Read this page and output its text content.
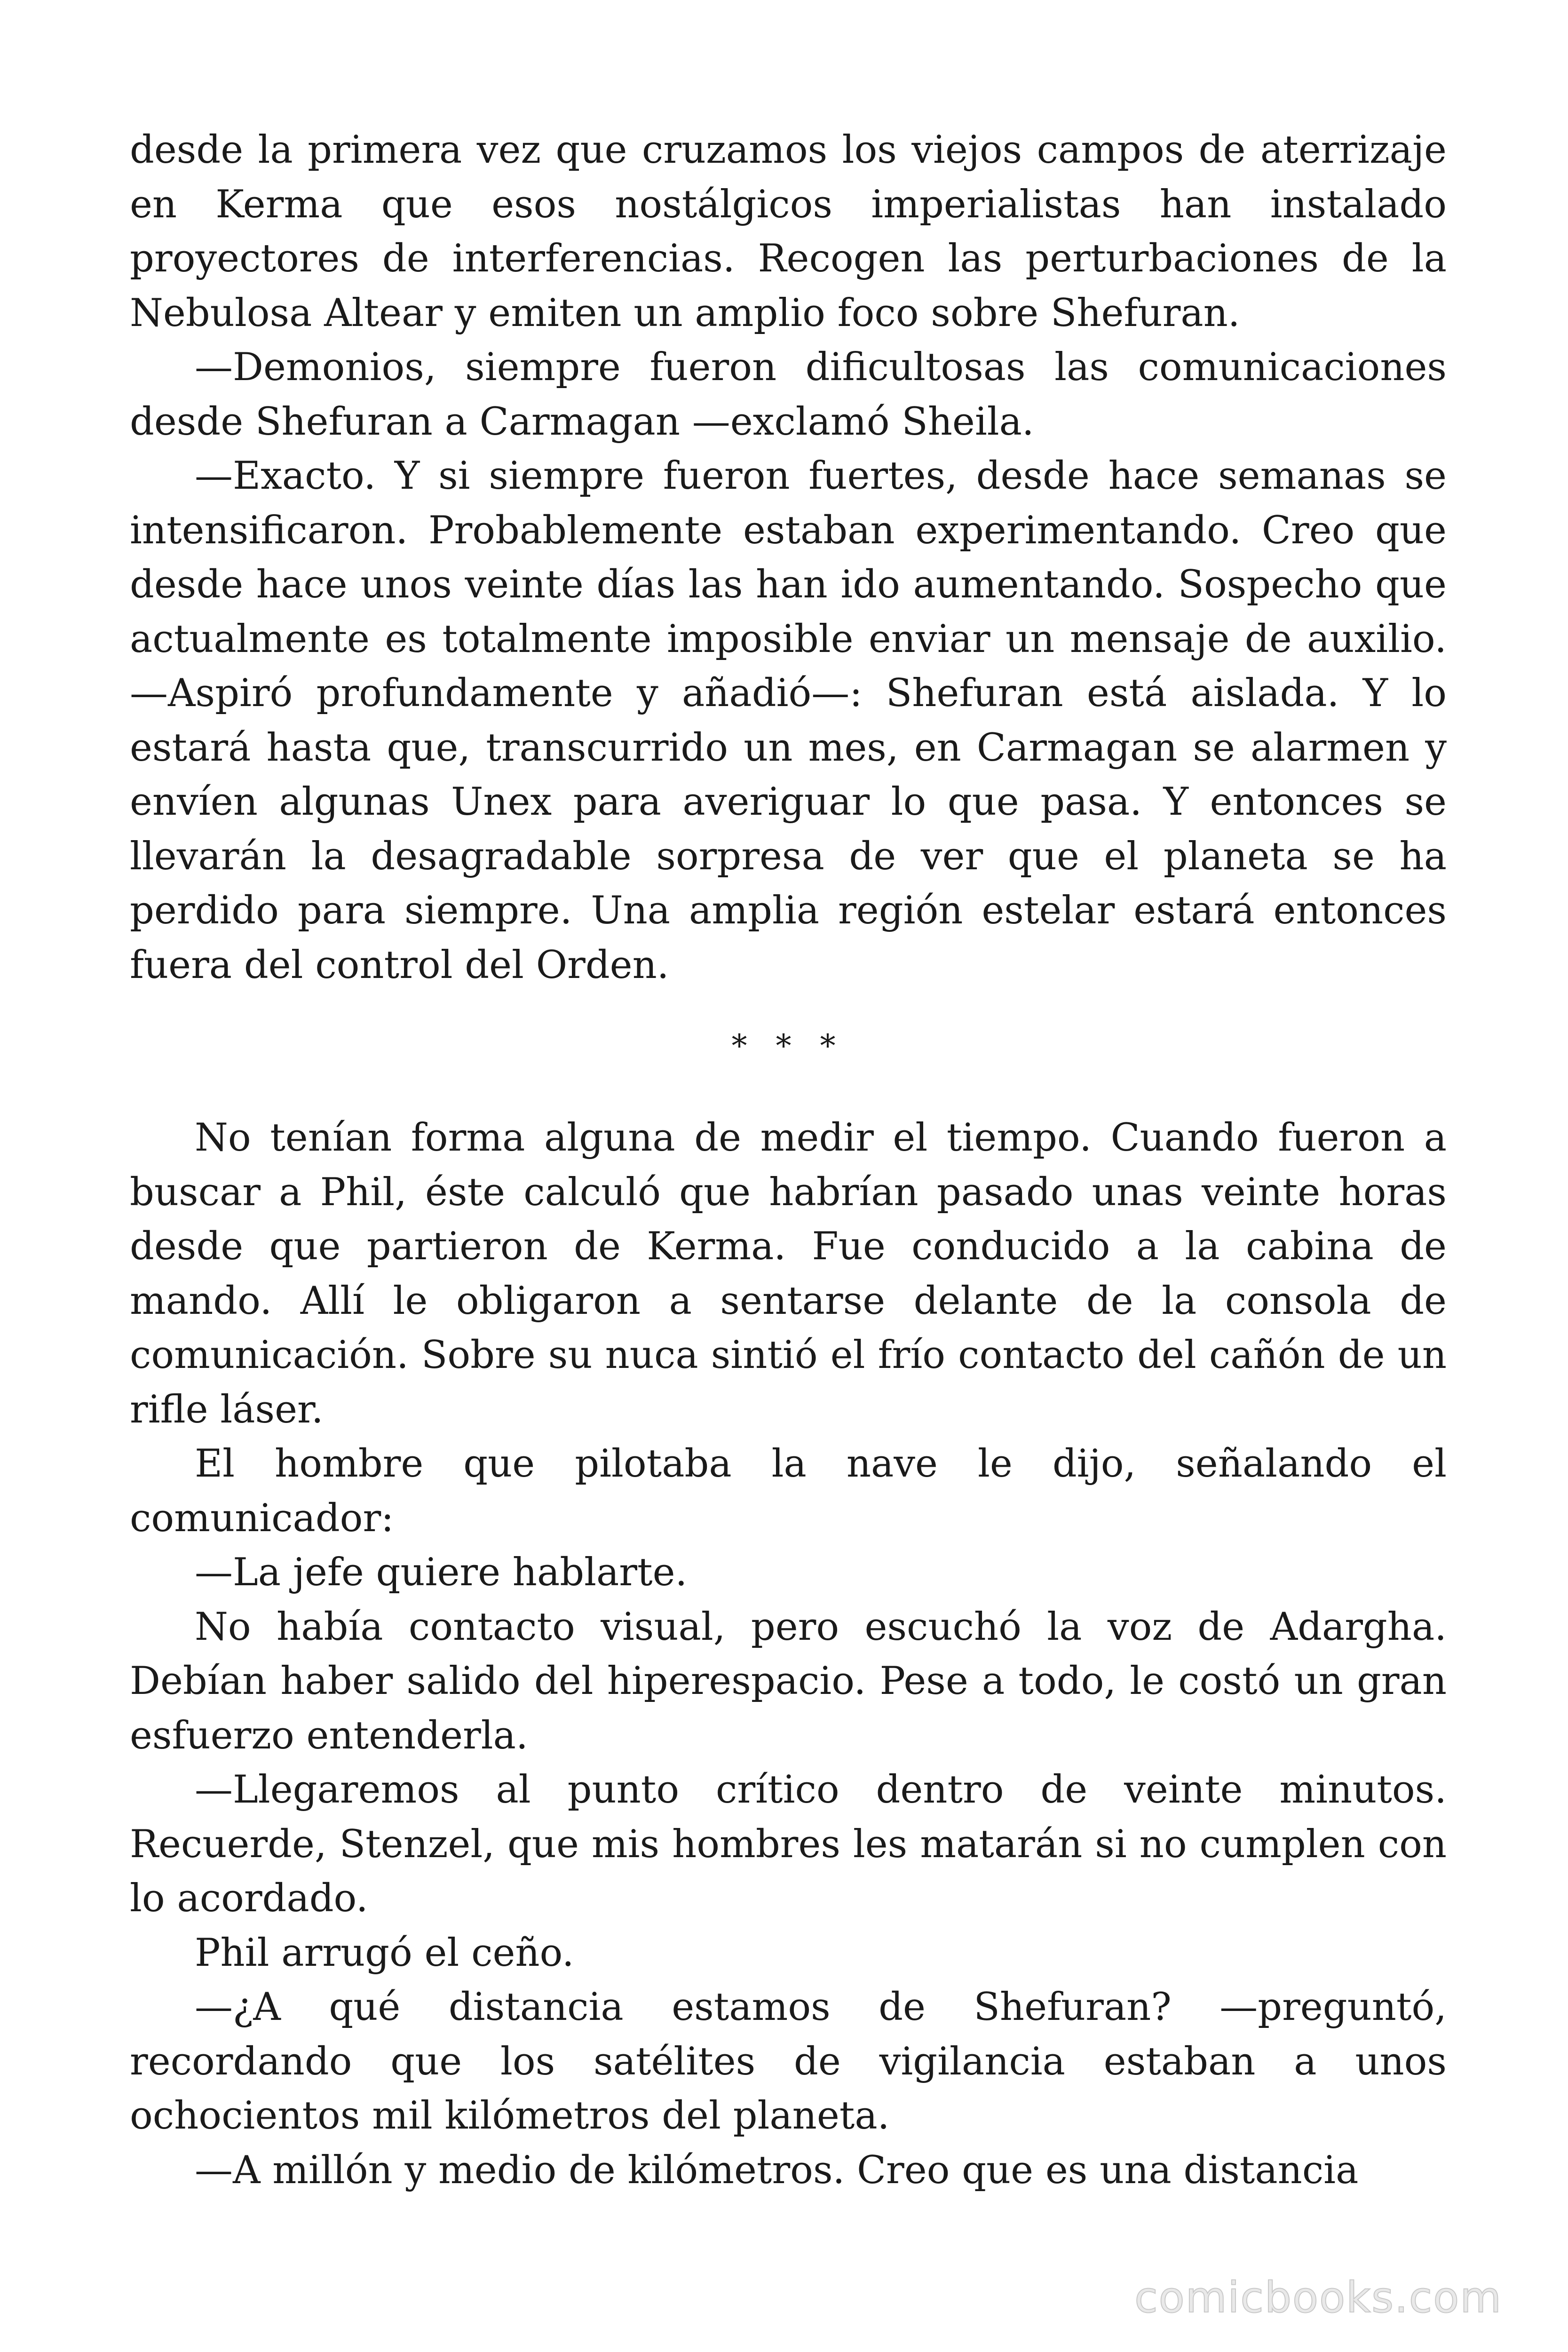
desde la primera vez que cruzamos los viejos campos de aterrizaje en Kerma que esos nostálgicos imperialistas han instalado proyectores de interferencias. Recogen las perturbaciones de la Nebulosa Altear y emiten un amplio foco sobre Shefuran.

—Demonios, siempre fueron dificultosas las comunicaciones desde Shefuran a Carmagan —exclamó Sheila.

—Exacto. Y si siempre fueron fuertes, desde hace semanas se intensificaron. Probablemente estaban experimentando. Creo que desde hace unos veinte días las han ido aumentando. Sospecho que actualmente es totalmente imposible enviar un mensaje de auxilio. —Aspiró profundamente y añadió—: Shefuran está aislada. Y lo estará hasta que, transcurrido un mes, en Carmagan se alarmen y envíen algunas Unex para averiguar lo que pasa. Y entonces se llevarán la desagradable sorpresa de ver que el planeta se ha perdido para siempre. Una amplia región estelar estará entonces fuera del control del Orden.

* * *

No tenían forma alguna de medir el tiempo. Cuando fueron a buscar a Phil, éste calculó que habrían pasado unas veinte horas desde que partieron de Kerma. Fue conducido a la cabina de mando. Allí le obligaron a sentarse delante de la consola de comunicación. Sobre su nuca sintió el frío contacto del cañón de un rifle láser.

El hombre que pilotaba la nave le dijo, señalando el comunicador:

—La jefe quiere hablarte.

No había contacto visual, pero escuchó la voz de Adargha. Debían haber salido del hiperespacio. Pese a todo, le costó un gran esfuerzo entenderla.

—Llegaremos al punto crítico dentro de veinte minutos. Recuerde, Stenzel, que mis hombres les matarán si no cumplen con lo acordado.

Phil arrugó el ceño.

—¿A qué distancia estamos de Shefuran? —preguntó, recordando que los satélites de vigilancia estaban a unos ochocientos mil kilómetros del planeta.

—A millón y medio de kilómetros. Creo que es una distancia

comicbooks.com
